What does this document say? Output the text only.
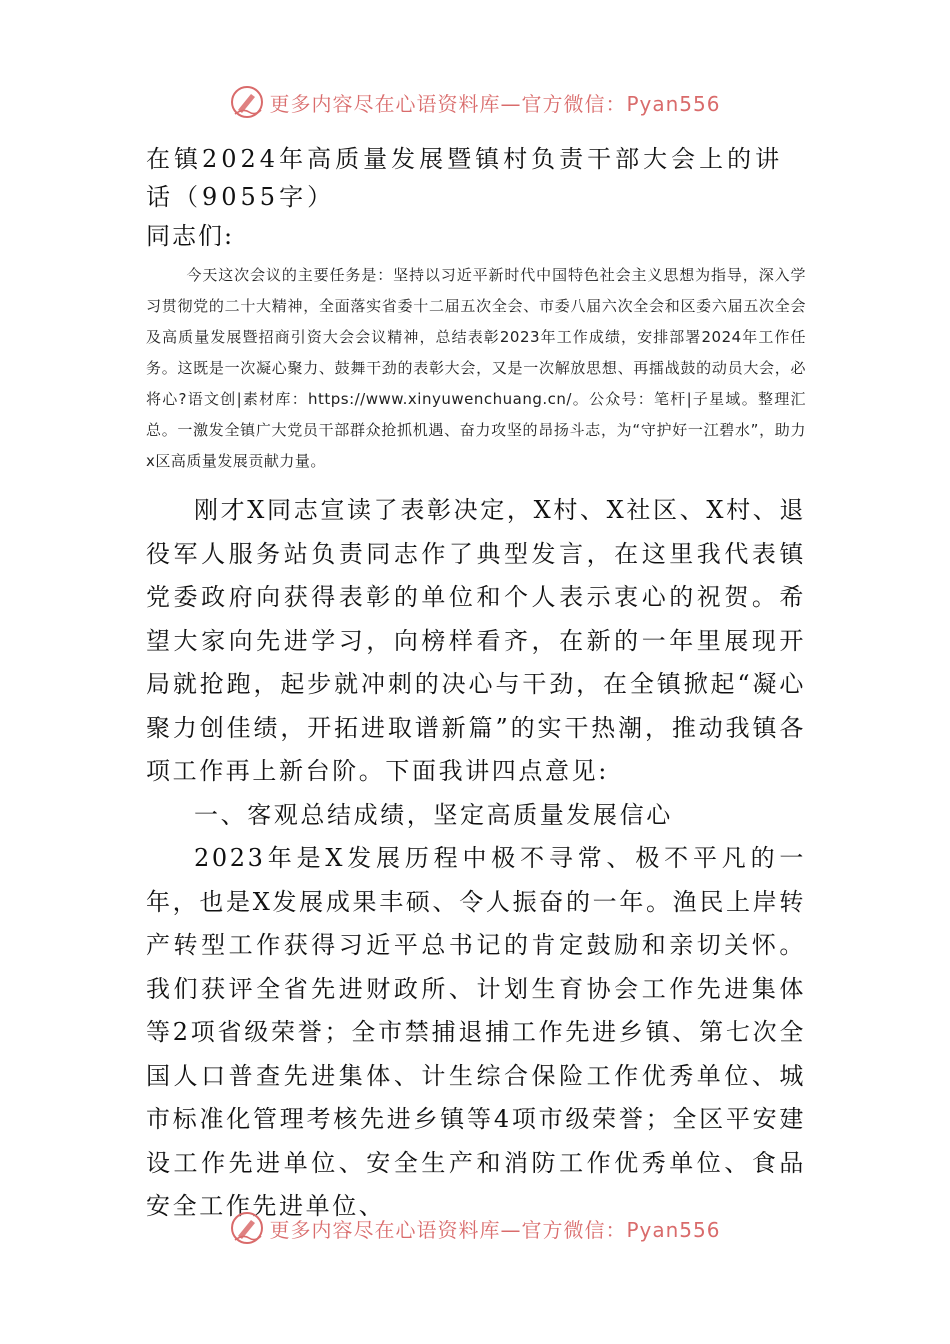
更多内容尽在心语资料库—官方微信：Pyan556
在镇2024年高质量发展暨镇村负责干部大会上的讲话（9055字）
同志们:

今天这次会议的主要任务是：坚持以习近平新时代中国特色社会主义思想为指导，深入学习贯彻党的二十大精神，全面落实省委十二届五次全会、市委八届六次全会和区委六届五次全会及高质量发展暨招商引资大会会议精神，总结表彰2023年工作成绩，安排部署2024年工作任务。这既是一次凝心聚力、鼓舞干劲的表彰大会，又是一次解放思想、再擂战鼓的动员大会，必将心?语文创|素材库：https://www.xinyuwenchuang.cn/。公众号：笔杆|子星域。整理汇总。一激发全镇广大党员干部群众抢抓机遇、奋力攻坚的昂扬斗志，为“守护好一江碧水”，助力x区高质量发展贡献力量。

刚才X同志宣读了表彰决定，X村、X社区、X村、退役军人服务站负责同志作了典型发言，在这里我代表镇党委政府向获得表彰的单位和个人表示衷心的祝贺。希望大家向先进学习，向榜样看齐，在新的一年里展现开局就抢跑，起步就冲刺的决心与干劲，在全镇掀起“凝心聚力创佳绩，开拓进取谱新篇”的实干热潮，推动我镇各项工作再上新台阶。下面我讲四点意见:

一、客观总结成绩，坚定高质量发展信心

2023年是X发展历程中极不寻常、极不平凡的一年，也是X发展成果丰硕、令人振奋的一年。渔民上岸转产转型工作获得习近平总书记的肯定鼓励和亲切关怀。我们获评全省先进财政所、计划生育协会工作先进集体等2项省级荣誉；全市禁捕退捕工作先进乡镇、第七次全国人口普查先进集体、计生综合保险工作优秀单位、城市标准化管理考核先进乡镇等4项市级荣誉；全区平安建设工作先进单位、安全生产和消防工作优秀单位、食品安全工作先进单位、

更多内容尽在心语资料库—官方微信：Pyan556
